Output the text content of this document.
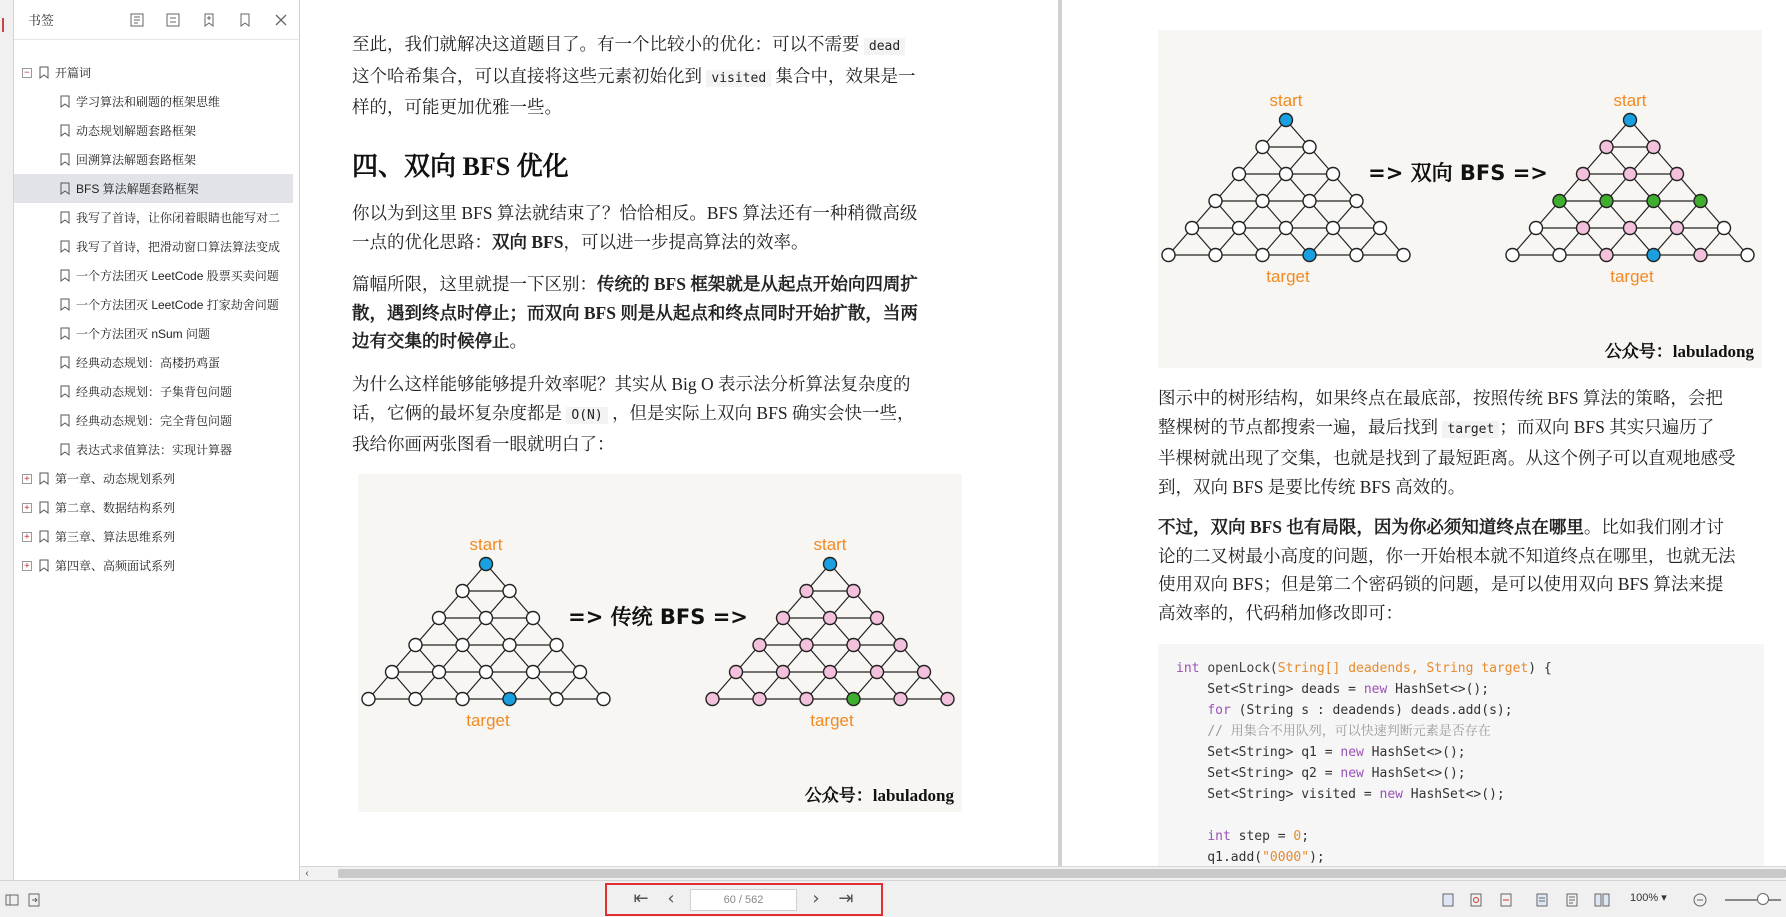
书签
− 开篇词
学习算法和刷题的框架思维
动态规划解题套路框架
回溯算法解题套路框架
BFS 算法解题套路框架
我写了首诗，让你闭着眼睛也能写对二
我写了首诗，把滑动窗口算法算法变成
一个方法团灭 LeetCode 股票买卖问题
一个方法团灭 LeetCode 打家劫舍问题
一个方法团灭 nSum 问题
经典动态规划：高楼扔鸡蛋
经典动态规划：子集背包问题
经典动态规划：完全背包问题
表达式求值算法：实现计算器
+ 第一章、动态规划系列
+ 第二章、数据结构系列
+ 第三章、算法思维系列
+ 第四章、高频面试系列
至此，我们就解决这道题目了。有一个比较小的优化：可以不需要 dead
这个哈希集合，可以直接将这些元素初始化到 visited 集合中，效果是一
样的，可能更加优雅一些。
四、双向 BFS 优化
你以为到这里 BFS 算法就结束了？恰恰相反。BFS 算法还有一种稍微高级
一点的优化思路：双向 BFS，可以进一步提高算法的效率。
篇幅所限，这里就提一下区别：传统的 BFS 框架就是从起点开始向四周扩
散，遇到终点时停止；而双向 BFS 则是从起点和终点同时开始扩散，当两
边有交集的时候停止。
为什么这样能够能够提升效率呢？其实从 Big O 表示法分析算法复杂度的
话，它俩的最坏复杂度都是 O(N) ，但是实际上双向 BFS 确实会快一些，
我给你画两张图看一眼就明白了：
start
target
start
target
=> 传统 BFS =>
公众号：labuladong
start
target
start
target
=> 双向 BFS =>
公众号：labuladong
图示中的树形结构，如果终点在最底部，按照传统 BFS 算法的策略，会把
整棵树的节点都搜索一遍，最后找到 target ；而双向 BFS 其实只遍历了
半棵树就出现了交集，也就是找到了最短距离。从这个例子可以直观地感受
到，双向 BFS 是要比传统 BFS 高效的。
不过，双向 BFS 也有局限，因为你必须知道终点在哪里。比如我们刚才讨
论的二叉树最小高度的问题，你一开始根本就不知道终点在哪里，也就无法
使用双向 BFS；但是第二个密码锁的问题，是可以使用双向 BFS 算法来提
高效率的，代码稍加修改即可：
int openLock(String[] deadends, String target) {
Set<String> deads = new HashSet<>();
for (String s : deadends) deads.add(s);
// 用集合不用队列，可以快速判断元素是否存在
Set<String> q1 = new HashSet<>();
Set<String> q2 = new HashSet<>();
Set<String> visited = new HashSet<>();

int step = 0;
q1.add("0000");
‹
⇤	‹	60 / 562	›	⇥	100% ▾
